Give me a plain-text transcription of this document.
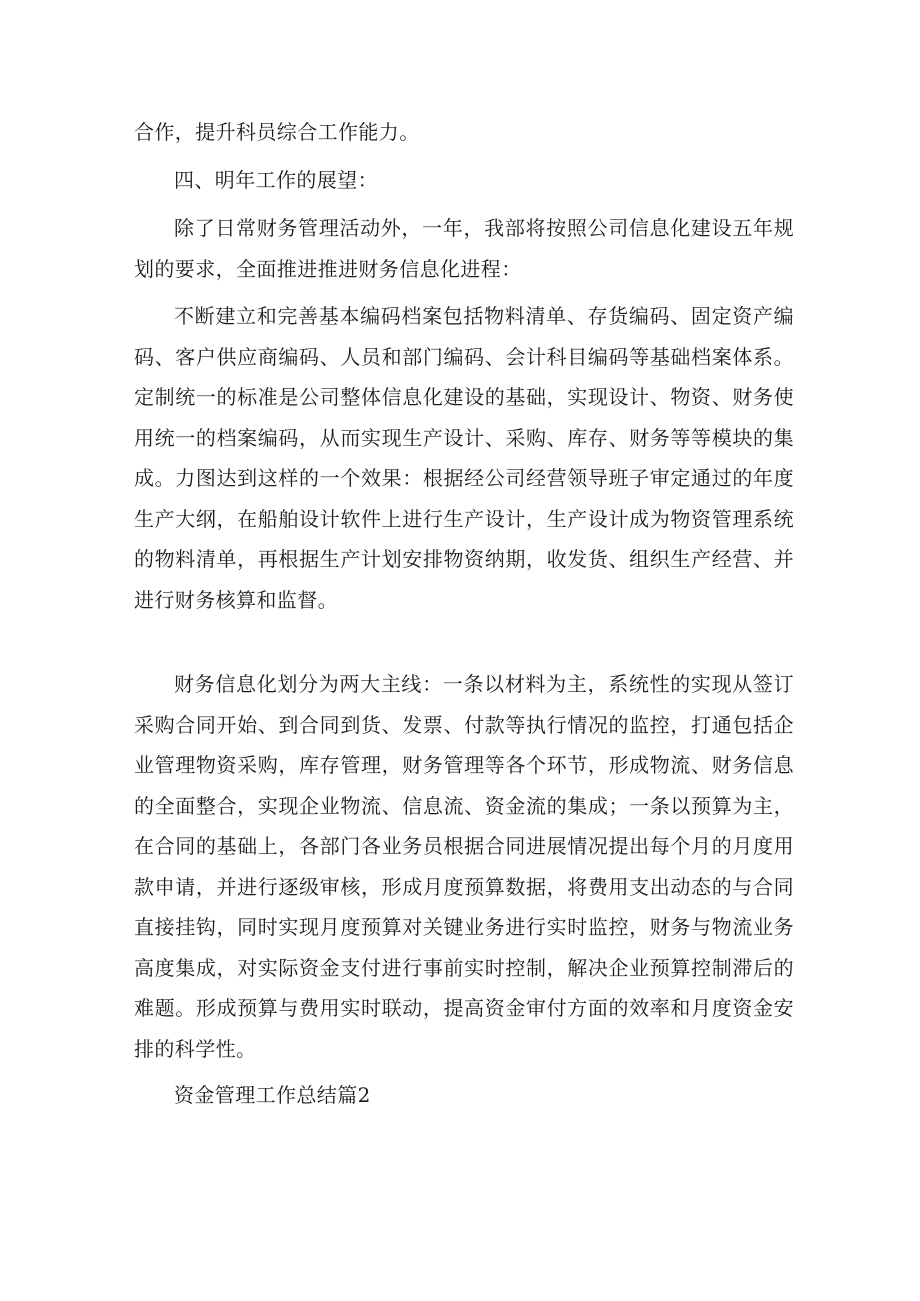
合作，提升科员综合工作能力。

四、明年工作的展望：

除了日常财务管理活动外，一年，我部将按照公司信息化建设五年规划的要求，全面推进推进财务信息化进程：

不断建立和完善基本编码档案包括物料清单、存货编码、固定资产编码、客户供应商编码、人员和部门编码、会计科目编码等基础档案体系。定制统一的标准是公司整体信息化建设的基础，实现设计、物资、财务使用统一的档案编码，从而实现生产设计、采购、库存、财务等等模块的集成。力图达到这样的一个效果：根据经公司经营领导班子审定通过的年度生产大纲，在船舶设计软件上进行生产设计，生产设计成为物资管理系统的物料清单，再根据生产计划安排物资纳期，收发货、组织生产经营、并进行财务核算和监督。

财务信息化划分为两大主线：一条以材料为主，系统性的实现从签订采购合同开始、到合同到货、发票、付款等执行情况的监控，打通包括企业管理物资采购，库存管理，财务管理等各个环节，形成物流、财务信息的全面整合，实现企业物流、信息流、资金流的集成；一条以预算为主，在合同的基础上，各部门各业务员根据合同进展情况提出每个月的月度用款申请，并进行逐级审核，形成月度预算数据，将费用支出动态的与合同直接挂钩，同时实现月度预算对关键业务进行实时监控，财务与物流业务高度集成，对实际资金支付进行事前实时控制，解决企业预算控制滞后的难题。形成预算与费用实时联动，提高资金审付方面的效率和月度资金安排的科学性。

资金管理工作总结篇2
